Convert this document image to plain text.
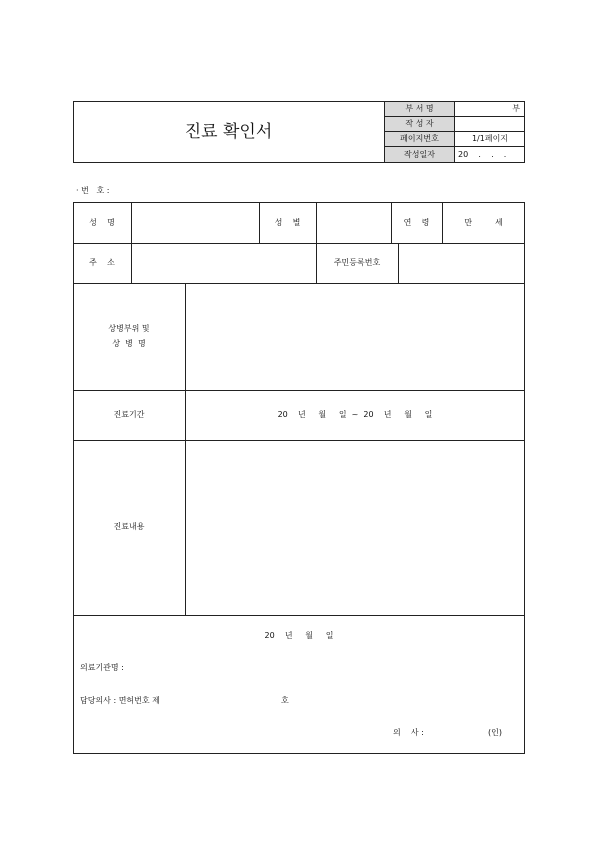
진료 확인서
부 서 명	부
작 성 자
페이지번호	1/1페이지
작성일자	20    .    .    .
· 번   호 :
성    명	성    별	연    령	만         세
주    소	주민등록번호
상병부위 및
상  병  명
진료기간	20    년     월     일  ~  20    년     월     일
진료내용
20    년     월     일
의료기관명 :
담당의사 : 면허번호 제	호
의    사 :	(인)
